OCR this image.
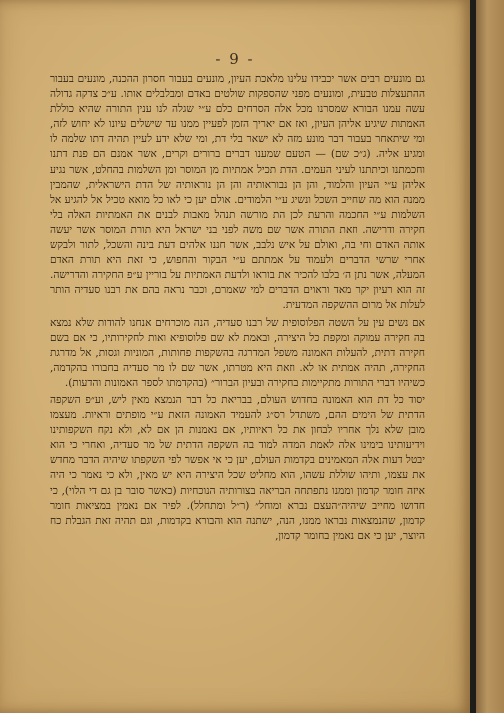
- 9 -

גם מונעים רבים אשר יכבידו עלינו מלאכת העיון, מונעים בעבור חסרון ההכנה, מונעים בעבור ההתעצלות טבעית, ומונעים מפני שהספקות שולטים באדם ומבלבלים אותו. ע״כ צדקה גדולה עשה עמנו הבורא שמסרנו מכל אלה הסרחים כלם ע״י שגלה לנו ענין התורה שהיא כוללת האמתות שיגיע אליהן העיון, ואז אם יאריך הזמן לפעיין ממנו עד שישלים עיונו לא יחוש לזה, ומי שיתאחר בעבור דבר מונע מזה לא ישאר בלי דת, ומי שלא ידע לעיין תהיה דתו שלמה לו ומגיע אליה. (ג״כ שם) — הטעם שמענו דברים ברורים וקרים, אשר אמנם הם פנת דתנו וחכמתנו וכיתתנו לעיני העמים. הדת תכיל אמתיות מן המוסר ומן השלמות בהחלט, אשר נגיע אליהן ע״י העיון והלמוד, והן הן נבוראותיה והן הן נוראותיה של הדת הישראלית, שהמבין ממנה הוא מה שחייב השכל ונשיג ע״י הלמודים. אולם יען כי לאו כל מואא טכיל אל להגיע אל השלמות ע״י החכמה והרעת לכן הת מורשה תנהל מאבות לבנים את האמתיות האלה בלי חקירה ודרישה. וזאת התורה אשר שם משה לפני בני ישראל היא תורת המוסר אשר יעשה אותה האדם וחי בה, ואולם על איש נלבב, אשר חננו אלהים דעת בינה והשכל, לתור ולבקש אחרי שרשי הדברים ולעמוד על אמתתם ע״י הבקור והחפוש, כי זאת היא תורת האדם המעלה, אשר נתן ה׳ בלבו להכיר את בוראו ולדעת האמתיות על בוריין ע״פ החקירה והדרישה. זה הוא רעיון יקר מאד וראוים הדברים למי שאמרם, וכבר נראה בהם את רבנו סעדיה הותר לעלות אל מרום ההשקפה המדעית.

אם נשים עין על השטה הפלוסופית של רבנו סעדיה, הנה מוכרחים אנחנו להודות שלא נמצא בה חקירה עמוקה ומקפת כל היצירה, ובאמת לא שם פלוסופיא ואות לחקירותיו, כי אם בשם חקירה דתית, להעלות האמונה משפל המדרגה בהשקפות פחותות, המוניות וגסות, אל מדרגת החקירה, תהיה אמתית או לא. וזאת היא מטרתו, אשר שם לו מר סעדיה בחבורו בהקדמה, כשיהיו דברי התורות מתקיימות בחקירה ובעיון הברור״ (בהקדמתו לספר האמונות והדעות).

יסוד כל דת הוא האמונה בחדוש העולם, בבריאת כל דבר הנמצא מאין ליש, וע״פ השקפה הדתית של הימים ההם, משתדל רס״ג להעמיד האמונה הזאת ע״י מופתים וראיות. מעצמו מובן שלא נלך אחריו לבחון את כל ראיותיו, אם נאמנות הן אם לא, ולא נקח השקפותינו וידיעותינו בימינו אלה לאמת המדה למוד בה השקפה הדתית של מר סעדיה, ואחרי כי הוא יבטל דעות אלה המאמינים בקדמות העולם, יען כי אי אפשר לפי השקפתו שיהיה הדבר מחדש את עצמו, ותיהו שוללת עשהו, הוא מחליט שכל היצירה היא יש מאין, ולא כי נאמר כי היה איזה חומר קדמון וממנו נתפתחה הבריאה בצורותיה הנוכחיות (כאשר סובר בן גם די הלוי), כי חדושו מחייב שיהיה״העצם נברא ומוחל״ (ר״ל ומתחלל). לפיר אם נאמין במציאות חומר קדמון, שהנמצאות נבראו ממנו, הנה, ישתנה הוא והבורא בקדמות, וגם תהיה זאת הגבלת כח היוצר, יען כי אם נאמין בחומר קדמון,
